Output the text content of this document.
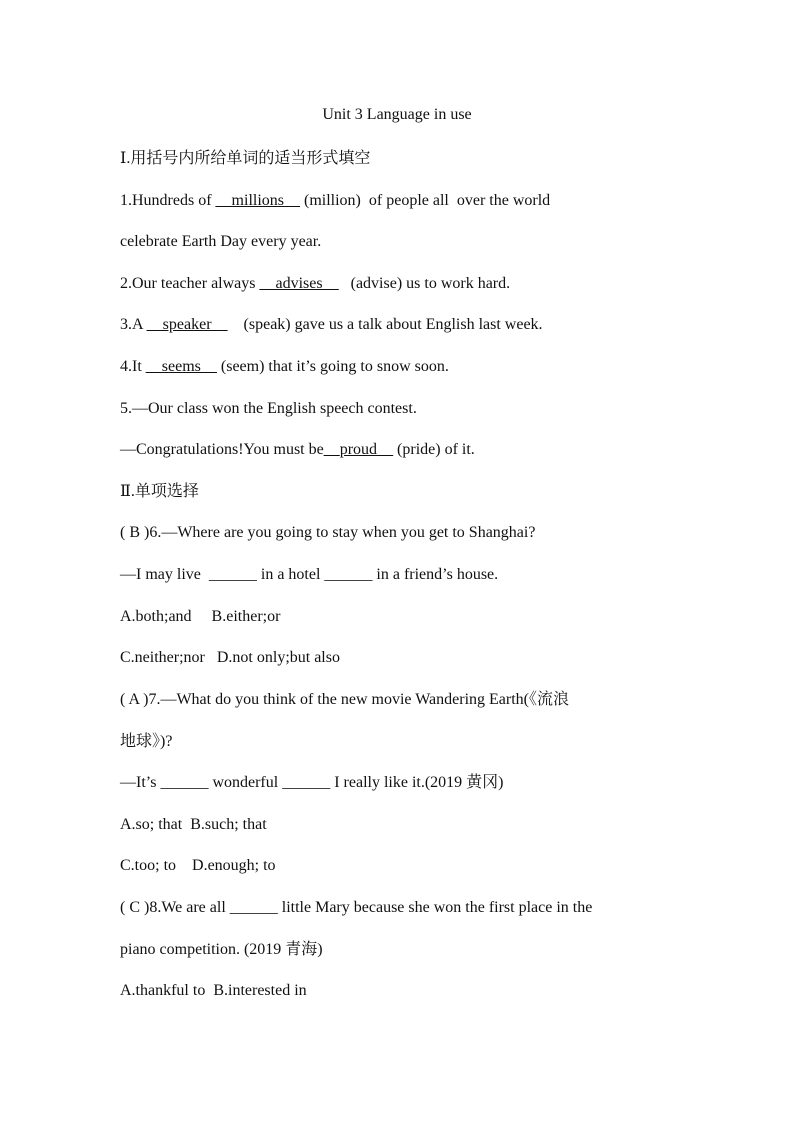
Unit 3 Language in use
Ⅰ.用括号内所给单词的适当形式填空
1.Hundreds of __millions__ (million)  of people all  over the world
celebrate Earth Day every year.
2.Our teacher always __advises__   (advise) us to work hard.
3.A __speaker__    (speak) gave us a talk about English last week.
4.It __seems__ (seem) that it’s going to snow soon.
5.—Our class won the English speech contest.
—Congratulations!You must be__proud__ (pride) of it.
Ⅱ.单项选择
( B )6.—Where are you going to stay when you get to Shanghai?
—I may live  ______ in a hotel ______ in a friend’s house.
A.both;and     B.either;or
C.neither;nor   D.not only;but also
( A )7.—What do you think of the new movie Wandering Earth(《流浪
地球》)?
—It’s ______ wonderful ______ I really like it.(2019 黄冈)
A.so; that  B.such; that
C.too; to    D.enough; to
( C )8.We are all ______ little Mary because she won the first place in the
piano competition. (2019 青海)
A.thankful to  B.interested in
